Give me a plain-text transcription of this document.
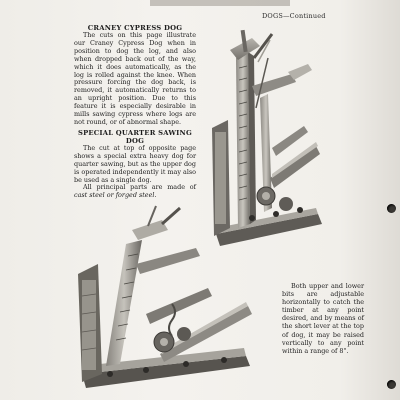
DOGS—Continued
CRANEY CYPRESS DOG

The cuts on this page illustrate our Craney Cypress Dog when in position to dog the log, and also when dropped back out of the way, which it does automatically, as the log is rolled against the knee. When pressure forcing the dog back, is removed, it automatically returns to an upright position. Due to this feature it is especially desirable in mills sawing cypress where logs are not round, or of abnormal shape.

SPECIAL QUARTER SAWING DOG

The cut at top of opposite page shows a special extra heavy dog for quarter sawing, but as the upper dog is operated independently it may also be used as a single dog.

All principal parts are made of cast steel or forged steel.

Both upper and lower bits are adjustable horizontally to catch the timber at any point desired, and by means of the short lever at the top of dog, it may be raised vertically to any point within a range of 8".
